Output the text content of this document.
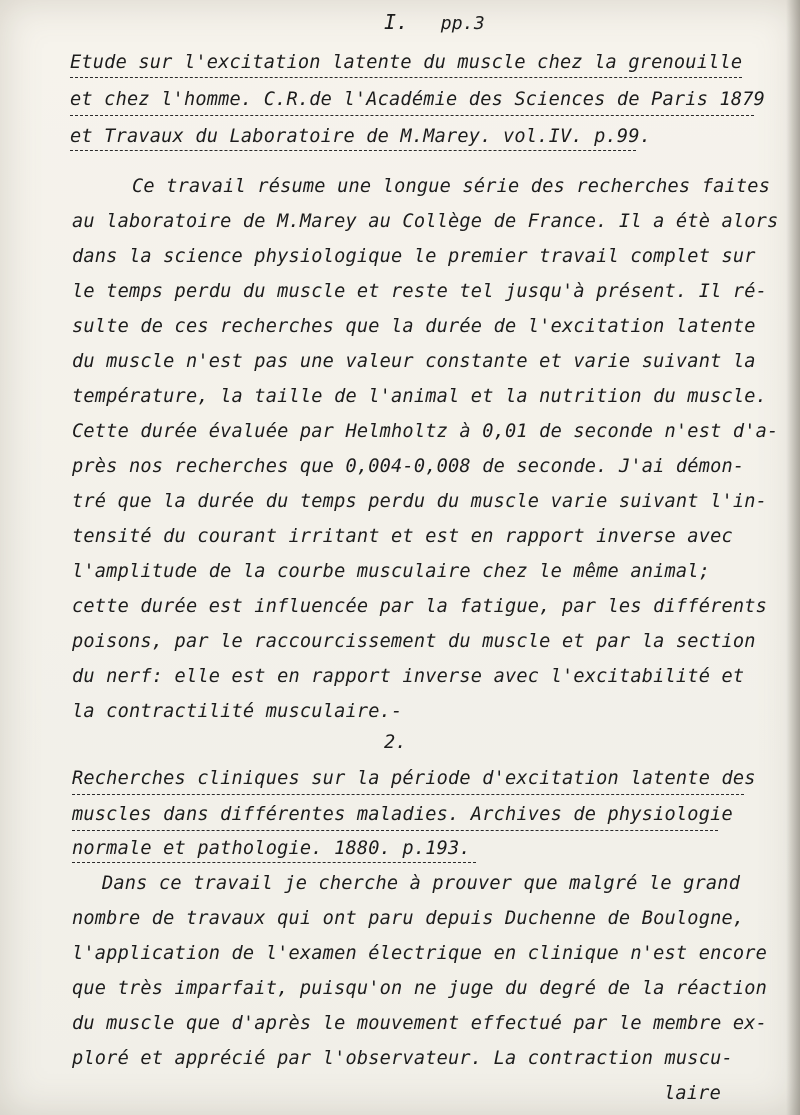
I. pp.3
Etude sur l'excitation latente du muscle chez la grenouille
et chez l'homme. C.R.de l'Académie des Sciences de Paris 1879
et Travaux du Laboratoire de M.Marey. vol.IV. p.99.
Ce travail résume une longue série des recherches faites
au laboratoire de M.Marey au Collège de France. Il a étè alors
dans la science physiologique le premier travail complet sur
le temps perdu du muscle et reste tel jusqu'à présent. Il ré-
sulte de ces recherches que la durée de l'excitation latente
du muscle n'est pas une valeur constante et varie suivant la
température, la taille de l'animal et la nutrition du muscle.
Cette durée évaluée par Helmholtz à 0,01 de seconde n'est d'a-
près nos recherches que 0,004-0,008 de seconde. J'ai démon-
tré que la durée du temps perdu du muscle varie suivant l'in-
tensité du courant irritant et est en rapport inverse avec
l'amplitude de la courbe musculaire chez le même animal;
cette durée est influencée par la fatigue, par les différents
poisons, par le raccourcissement du muscle et par la section
du nerf: elle est en rapport inverse avec l'excitabilité et
la contractilité musculaire.-
2.
Recherches cliniques sur la période d'excitation latente des
muscles dans différentes maladies. Archives de physiologie
normale et pathologie. 1880. p.193.
Dans ce travail je cherche à prouver que malgré le grand
nombre de travaux qui ont paru depuis Duchenne de Boulogne,
l'application de l'examen électrique en clinique n'est encore
que très imparfait, puisqu'on ne juge du degré de la réaction
du muscle que d'après le mouvement effectué par le membre ex-
ploré et apprécié par l'observateur. La contraction muscu-
laire
